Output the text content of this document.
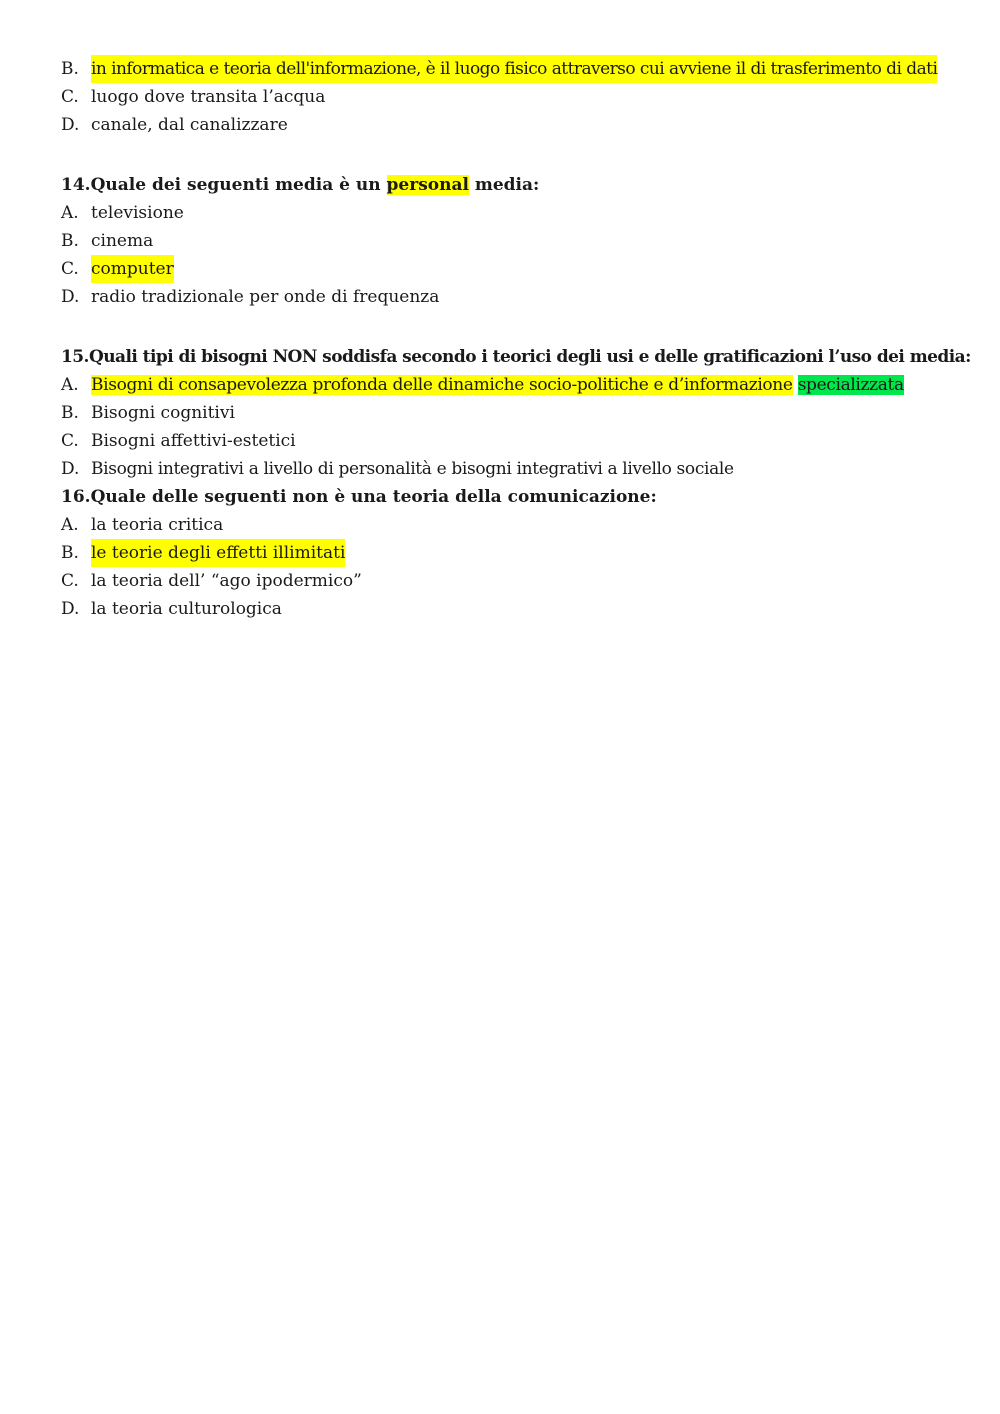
B. in informatica e teoria dell'informazione, è il luogo fisico attraverso cui avviene il di trasferimento di dati
C. luogo dove transita l’acqua
D. canale, dal canalizzare
14.Quale dei seguenti media è un personal media:
A. televisione
B. cinema
C. computer
D. radio tradizionale per onde di frequenza
15.Quali tipi di bisogni NON soddisfa secondo i teorici degli usi e delle gratificazioni l’uso dei media:
A. Bisogni di consapevolezza profonda delle dinamiche socio-politiche e d’informazione specializzata
B. Bisogni cognitivi
C. Bisogni affettivi-estetici
D. Bisogni integrativi a livello di personalità e bisogni integrativi a livello sociale
16.Quale delle seguenti non è una teoria della comunicazione:
A. la teoria critica
B. le teorie degli effetti illimitati
C. la teoria dell’ “ago ipodermico”
D. la teoria culturologica
